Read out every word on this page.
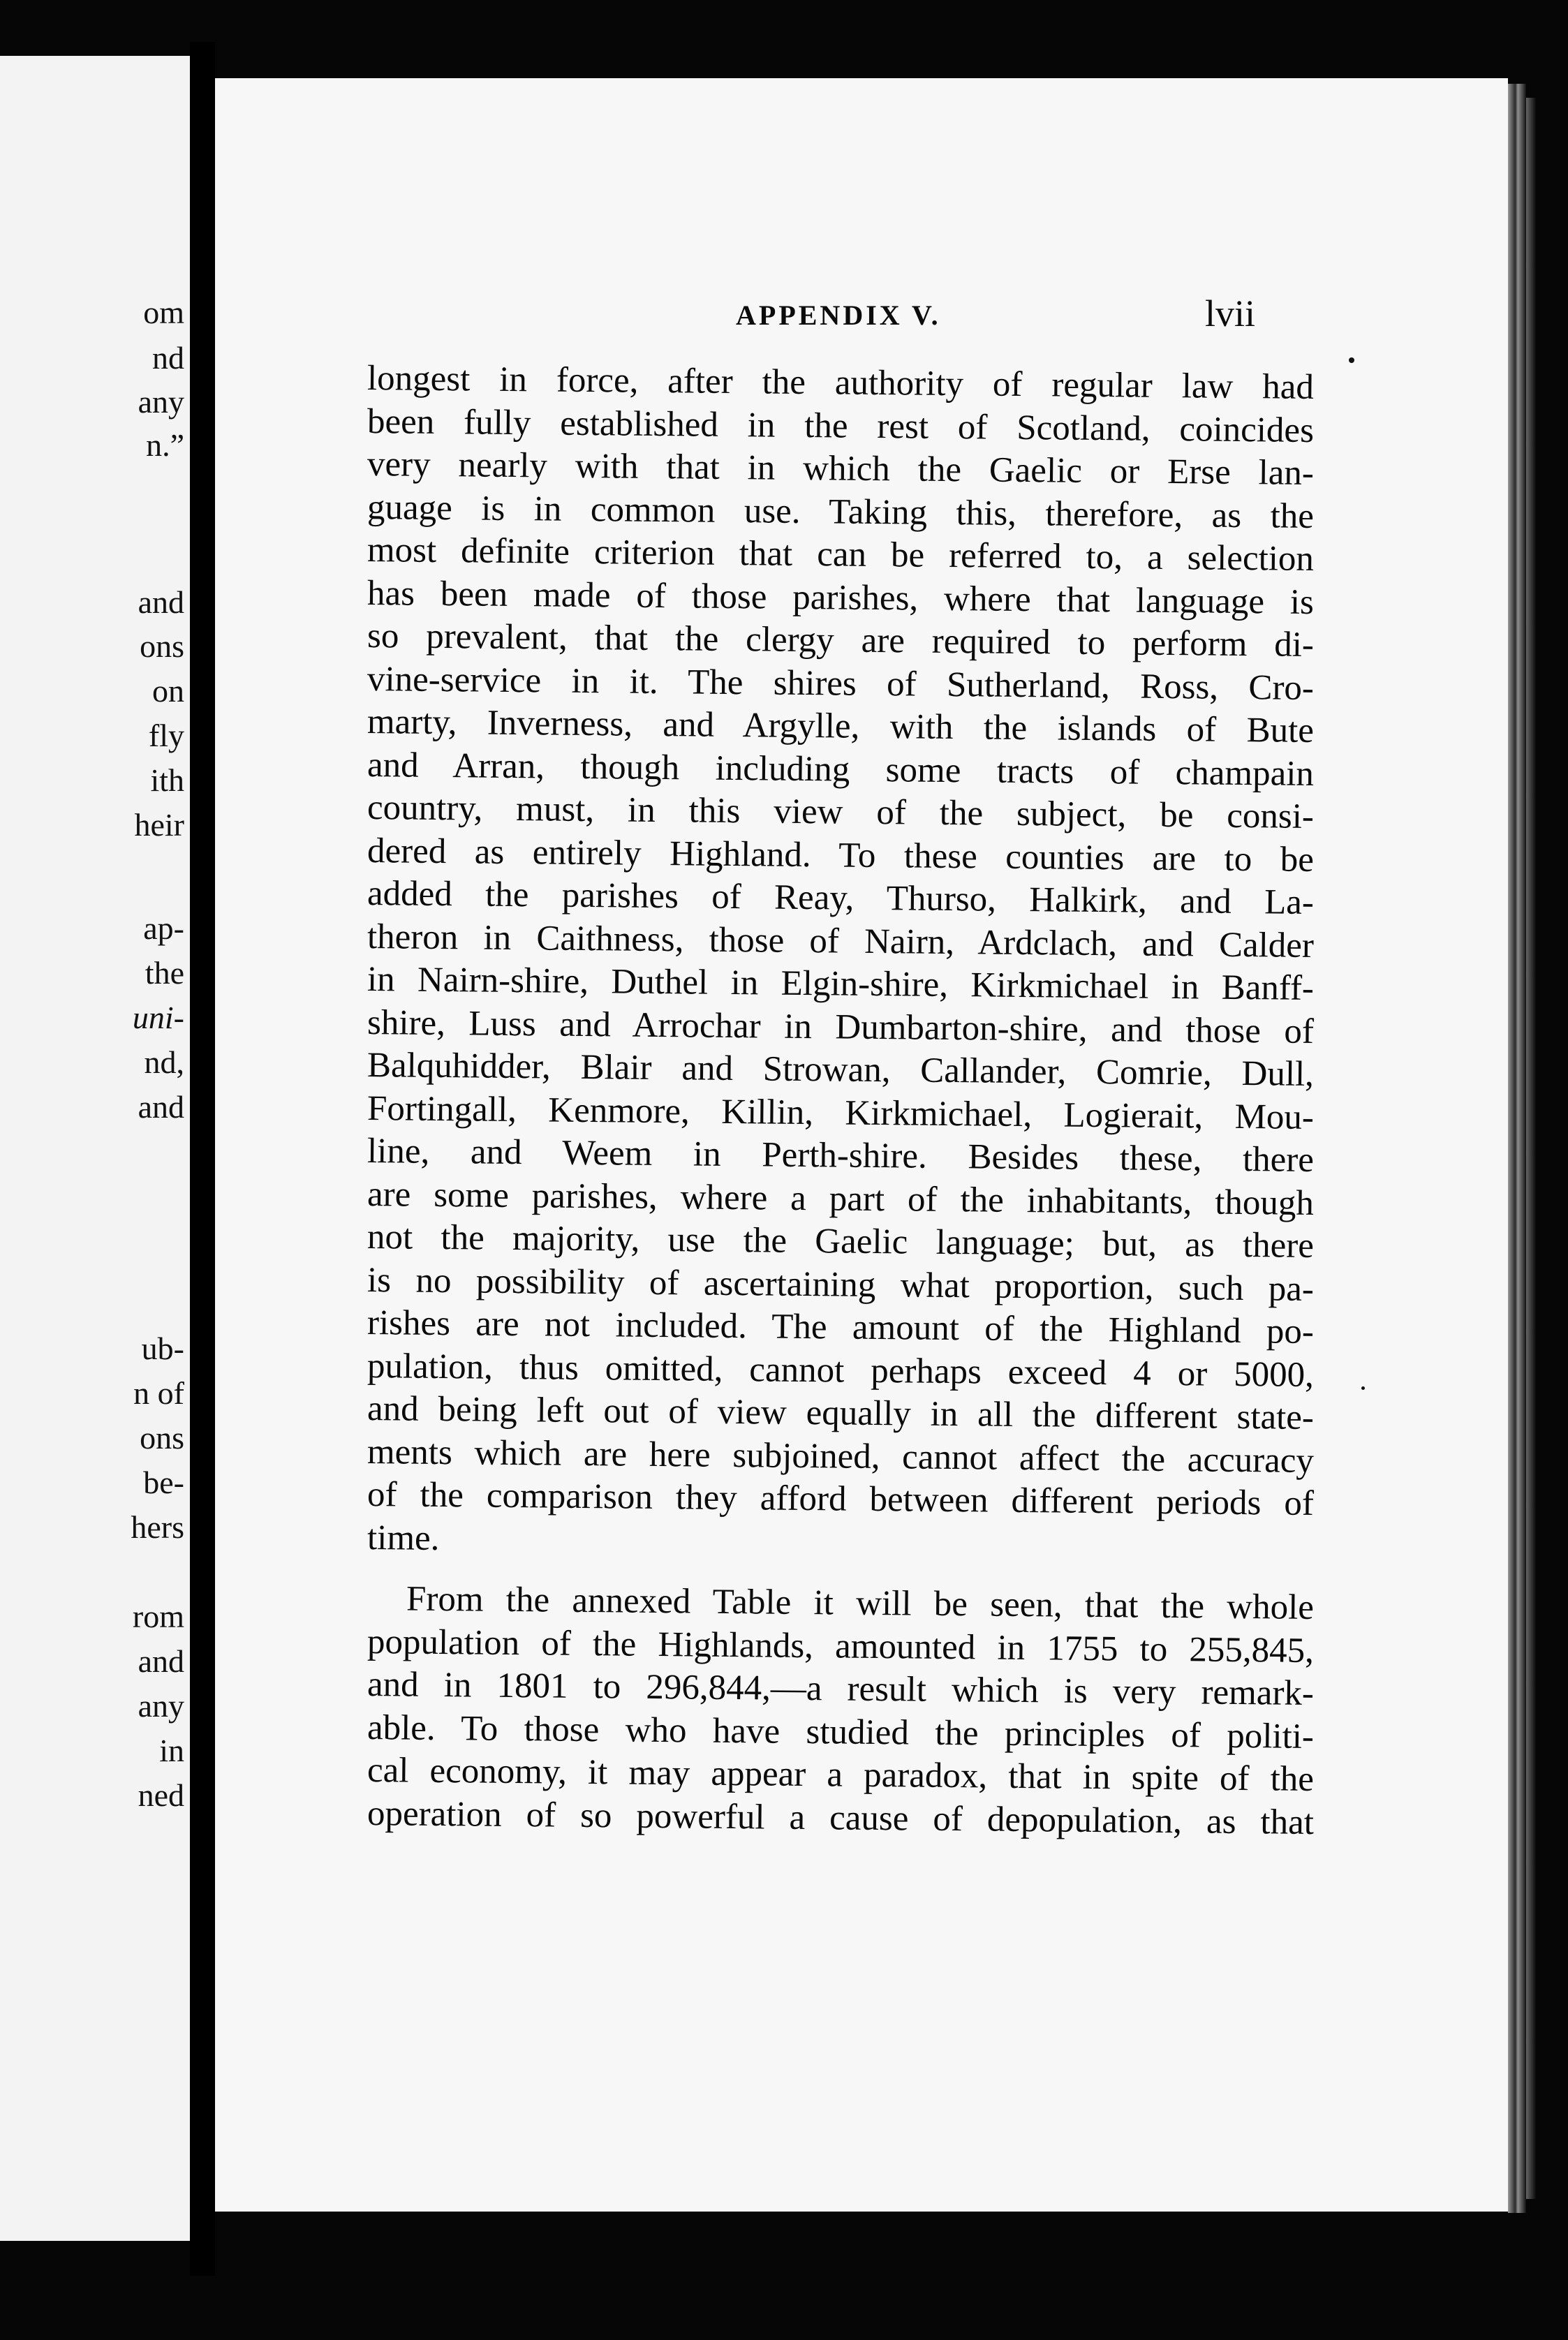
om
nd
any
n.”
and
ons
on
fly
ith
heir
ap-
the
uni-
nd,
and
ub-
n of
ons
be-
hers
rom
and
any
in
ned
APPENDIX V.	lvii
longest in force, after the authority of regular law had
been fully established in the rest of Scotland, coincides
very nearly with that in which the Gaelic or Erse lan-
guage is in common use. Taking this, therefore, as the
most definite criterion that can be referred to, a selection
has been made of those parishes, where that language is
so prevalent, that the clergy are required to perform di-
vine-service in it. The shires of Sutherland, Ross, Cro-
marty, Inverness, and Argylle, with the islands of Bute
and Arran, though including some tracts of champain
country, must, in this view of the subject, be consi-
dered as entirely Highland. To these counties are to be
added the parishes of Reay, Thurso, Halkirk, and La-
theron in Caithness, those of Nairn, Ardclach, and Calder
in Nairn-shire, Duthel in Elgin-shire, Kirkmichael in Banff-
shire, Luss and Arrochar in Dumbarton-shire, and those of
Balquhidder, Blair and Strowan, Callander, Comrie, Dull,
Fortingall, Kenmore, Killin, Kirkmichael, Logierait, Mou-
line, and Weem in Perth-shire. Besides these, there
are some parishes, where a part of the inhabitants, though
not the majority, use the Gaelic language; but, as there
is no possibility of ascertaining what proportion, such pa-
rishes are not included. The amount of the Highland po-
pulation, thus omitted, cannot perhaps exceed 4 or 5000,
and being left out of view equally in all the different state-
ments which are here subjoined, cannot affect the accuracy
of the comparison they afford between different periods of
time.
From the annexed Table it will be seen, that the whole
population of the Highlands, amounted in 1755 to 255,845,
and in 1801 to 296,844,—a result which is very remark-
able. To those who have studied the principles of politi-
cal economy, it may appear a paradox, that in spite of the
operation of so powerful a cause of depopulation, as that
